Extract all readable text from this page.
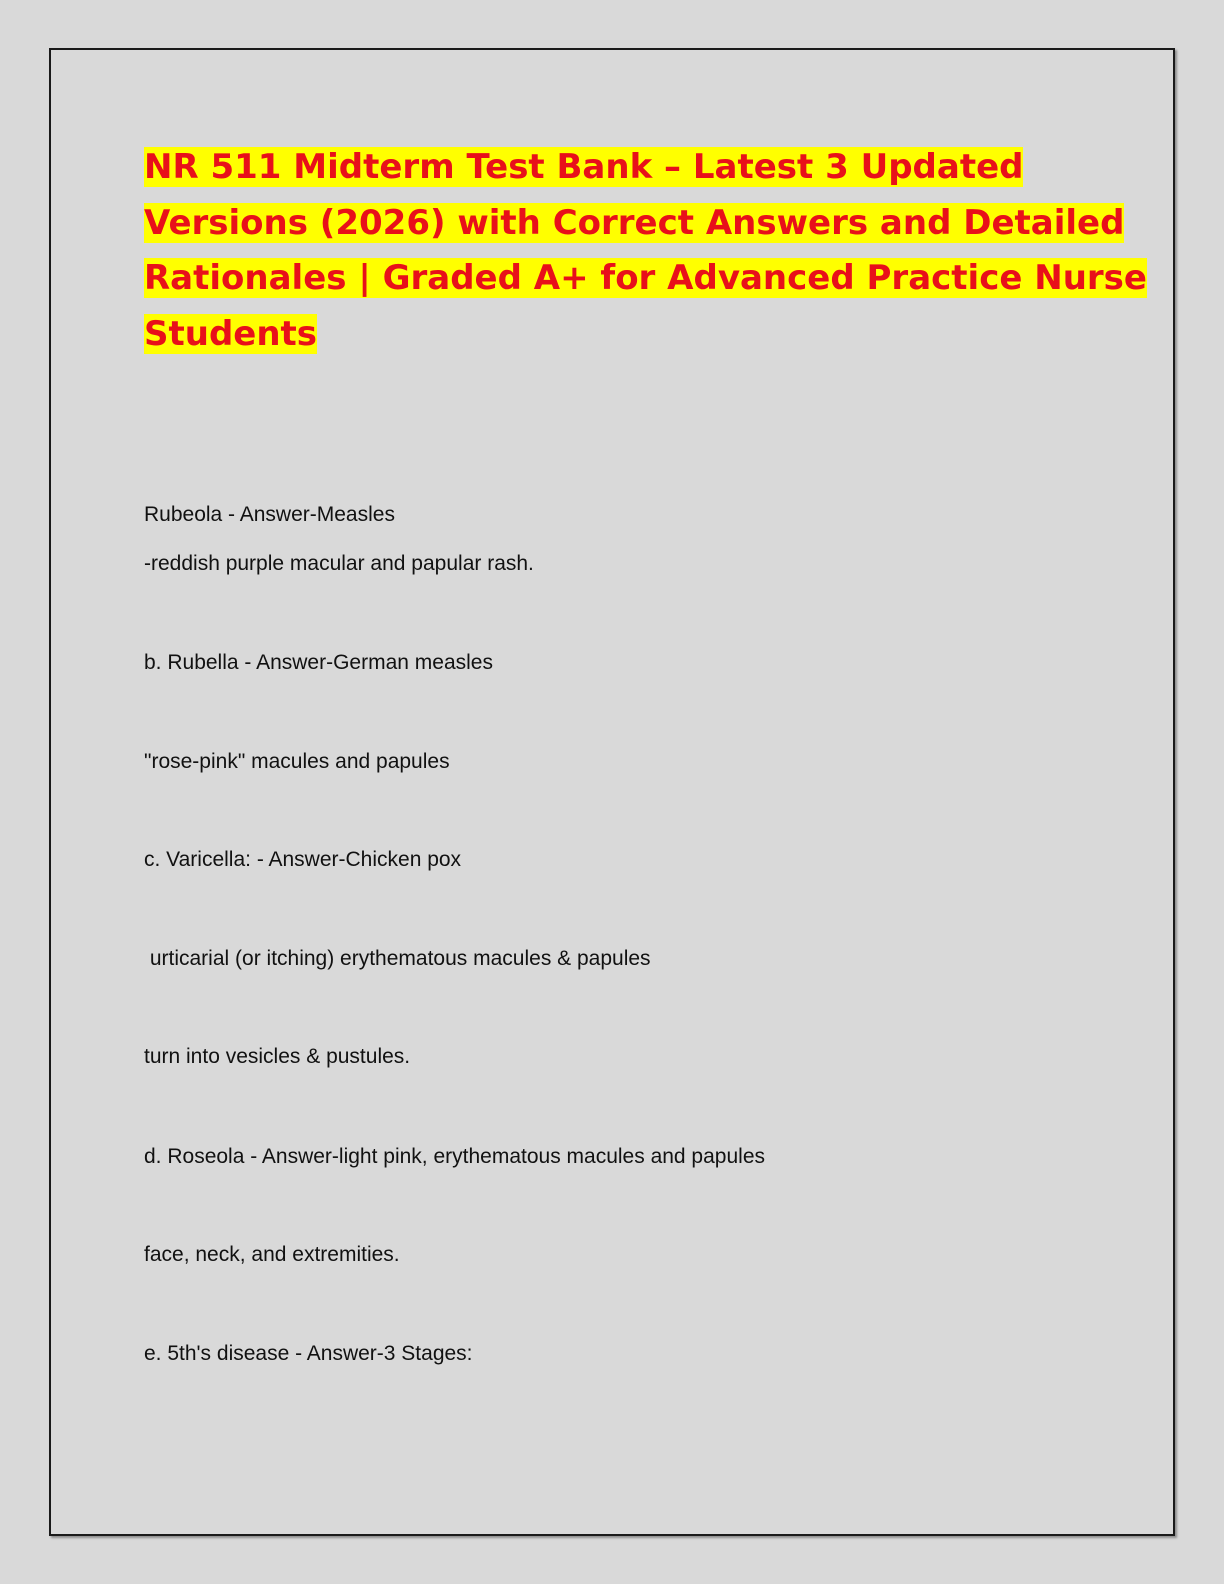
NR 511 Midterm Test Bank – Latest 3 Updated
Versions (2026) with Correct Answers and Detailed
Rationales | Graded A+ for Advanced Practice Nurse
Students

Rubeola - Answer-Measles

-reddish purple macular and papular rash.

b. Rubella - Answer-German measles

"rose-pink" macules and papules

c. Varicella: - Answer-Chicken pox

urticarial (or itching) erythematous macules & papules

turn into vesicles & pustules.

d. Roseola - Answer-light pink, erythematous macules and papules

face, neck, and extremities.

e. 5th's disease - Answer-3 Stages:
